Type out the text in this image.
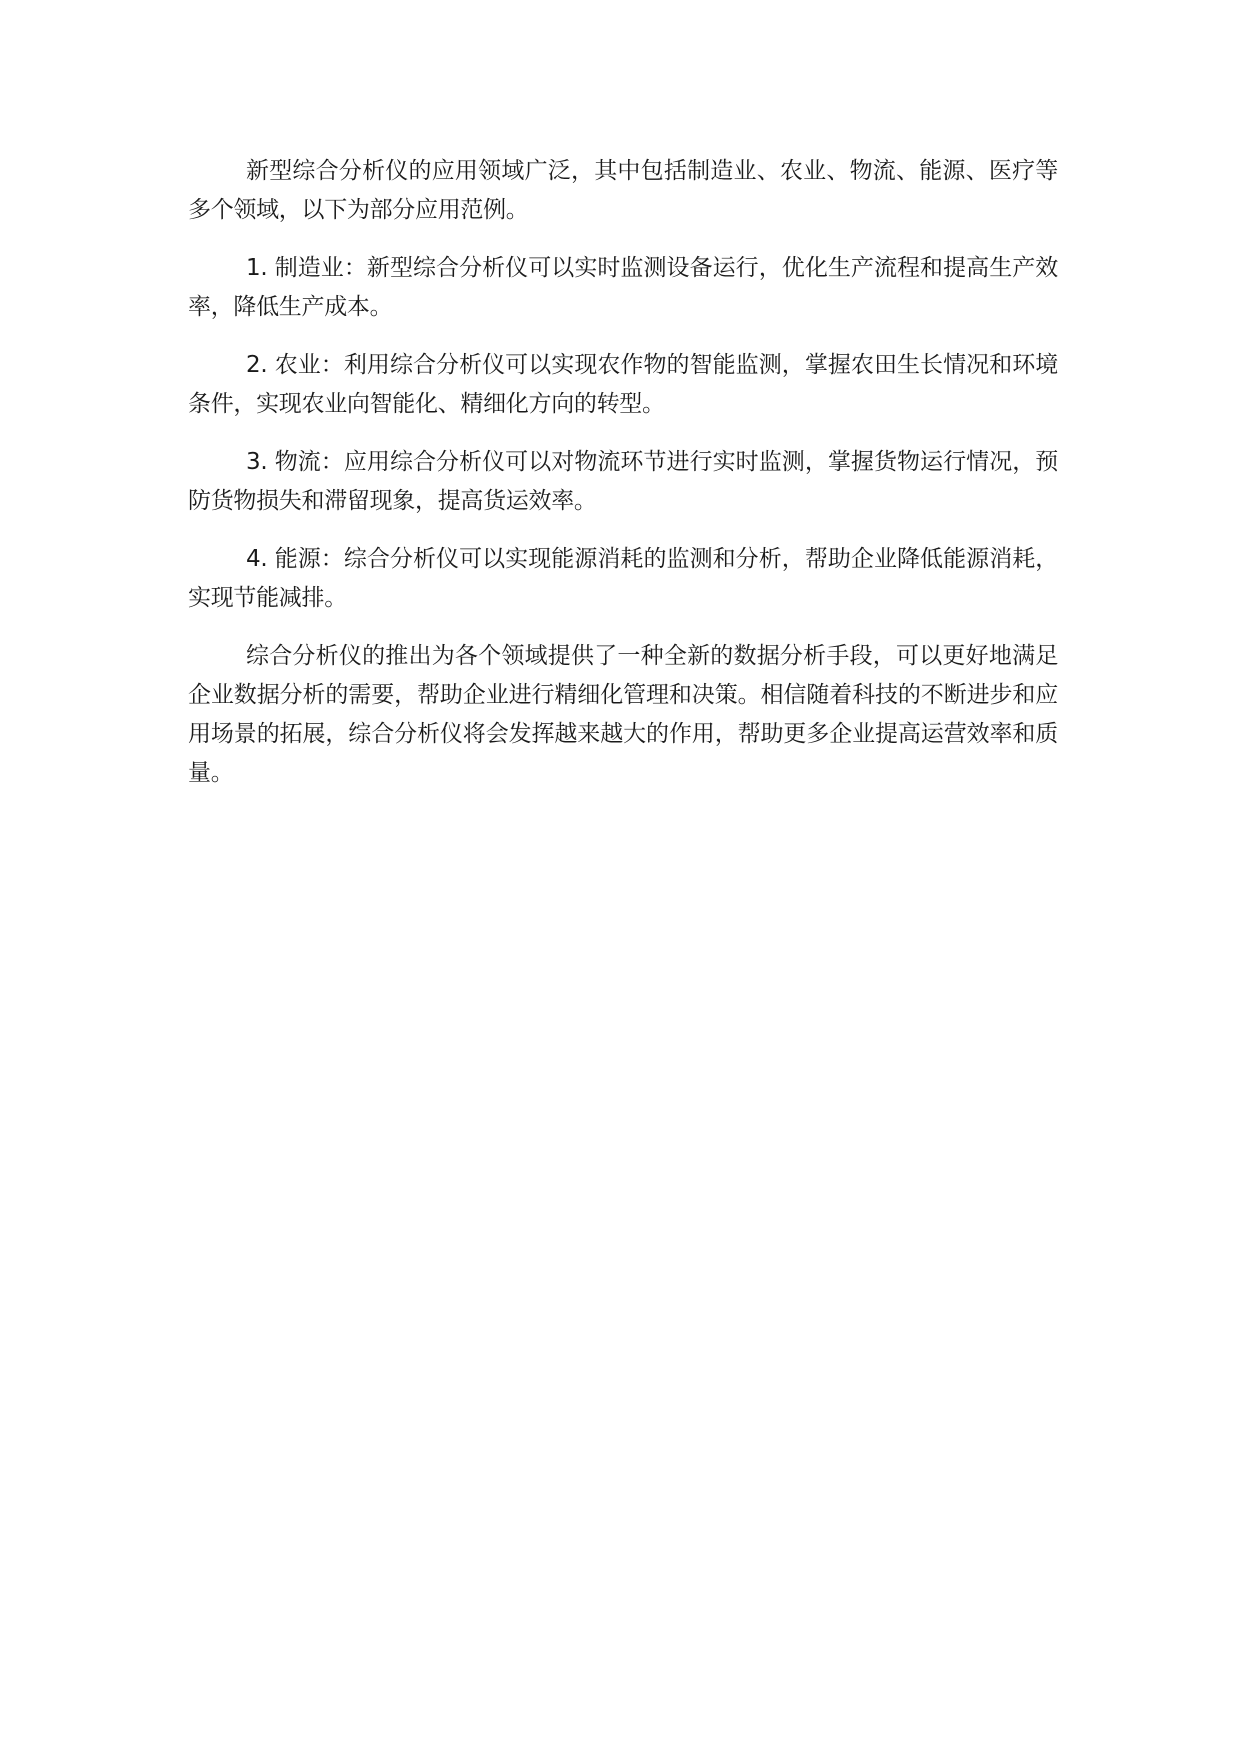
新型综合分析仪的应用领域广泛，其中包括制造业、农业、物流、能源、医疗等多个领域，以下为部分应用范例。

1. 制造业：新型综合分析仪可以实时监测设备运行，优化生产流程和提高生产效率，降低生产成本。

2. 农业：利用综合分析仪可以实现农作物的智能监测，掌握农田生长情况和环境条件，实现农业向智能化、精细化方向的转型。

3. 物流：应用综合分析仪可以对物流环节进行实时监测，掌握货物运行情况，预防货物损失和滞留现象，提高货运效率。

4. 能源：综合分析仪可以实现能源消耗的监测和分析，帮助企业降低能源消耗，实现节能减排。

综合分析仪的推出为各个领域提供了一种全新的数据分析手段，可以更好地满足企业数据分析的需要，帮助企业进行精细化管理和决策。相信随着科技的不断进步和应用场景的拓展，综合分析仪将会发挥越来越大的作用，帮助更多企业提高运营效率和质量。
